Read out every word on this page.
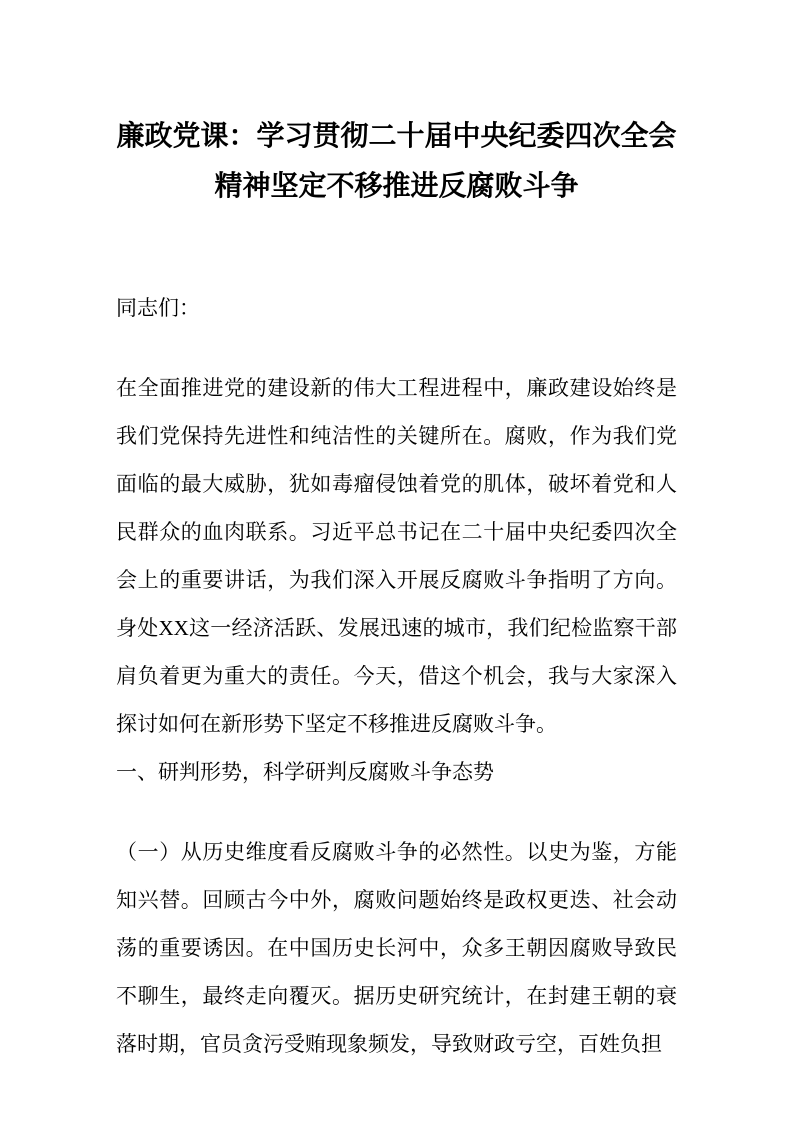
廉政党课：学习贯彻二十届中央纪委四次全会精神坚定不移推进反腐败斗争
同志们：
在全面推进党的建设新的伟大工程进程中，廉政建设始终是我们党保持先进性和纯洁性的关键所在。腐败，作为我们党面临的最大威胁，犹如毒瘤侵蚀着党的肌体，破坏着党和人民群众的血肉联系。习近平总书记在二十届中央纪委四次全会上的重要讲话，为我们深入开展反腐败斗争指明了方向。身处XX这一经济活跃、发展迅速的城市，我们纪检监察干部肩负着更为重大的责任。今天，借这个机会，我与大家深入探讨如何在新形势下坚定不移推进反腐败斗争。
一、研判形势，科学研判反腐败斗争态势
（一）从历史维度看反腐败斗争的必然性。以史为鉴，方能知兴替。回顾古今中外，腐败问题始终是政权更迭、社会动荡的重要诱因。在中国历史长河中，众多王朝因腐败导致民不聊生，最终走向覆灭。据历史研究统计，在封建王朝的衰落时期，官员贪污受贿现象频发，导致财政亏空，百姓负担
